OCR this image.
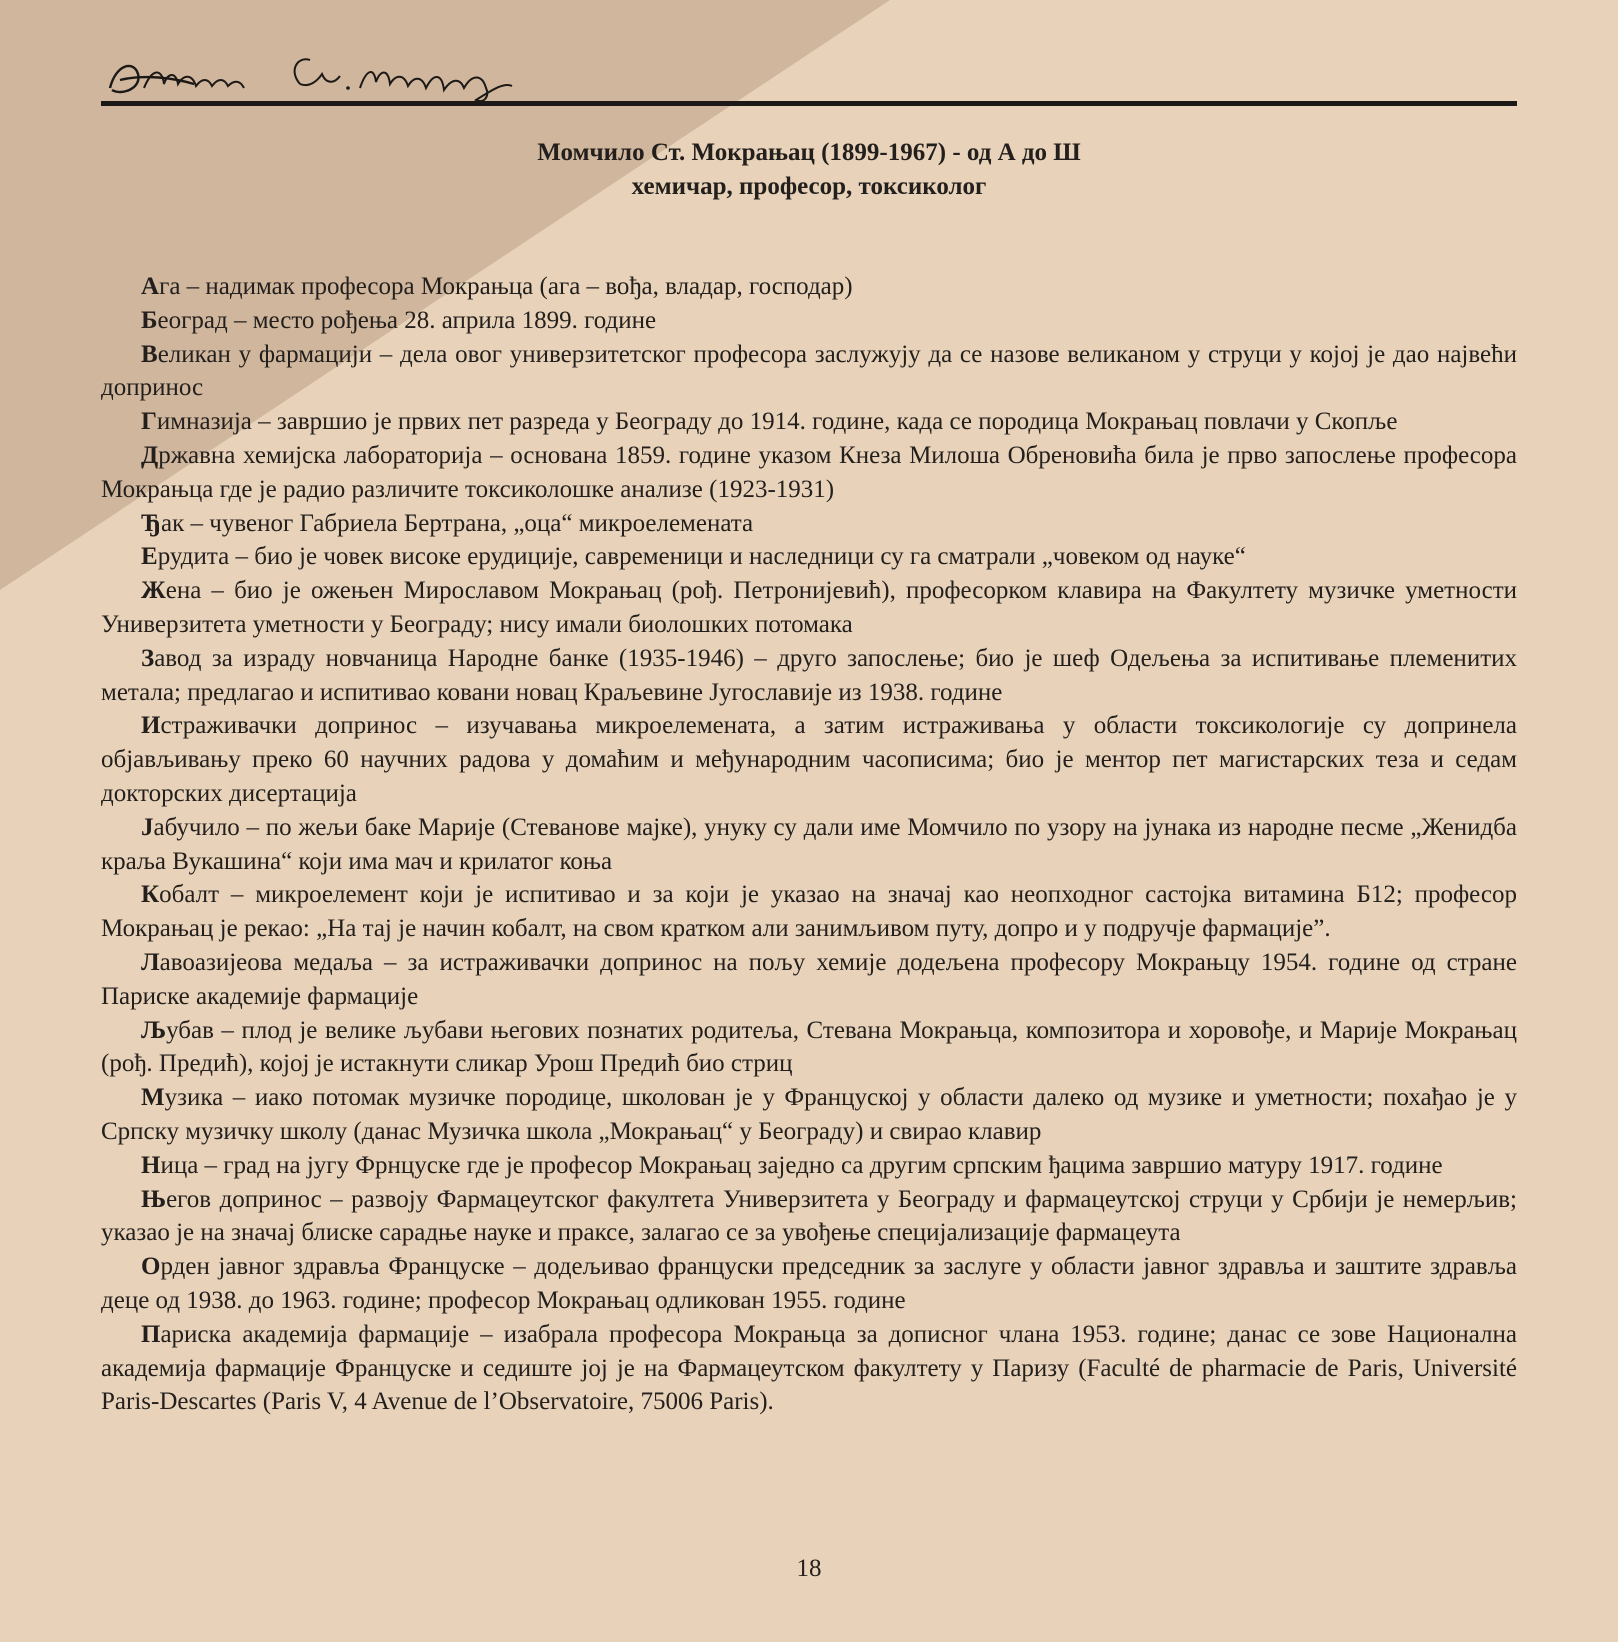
Момчило Ст. Мокрањац (1899-1967) - од А до Ш
хемичар, професор, токсиколог

Ага – надимак професора Мокрањца (ага – вођа, владар, господар)

Београд – место рођења 28. априла 1899. године

Великан у фармацији – дела овог универзитетског професора заслужују да се назове великаном у струци у којој је дао највећи допринос

Гимназија – завршио је првих пет разреда у Београду до 1914. године, када се породица Мокрањац повлачи у Скопље

Државна хемијска лабораторија – основана 1859. године указом Кнеза Милоша Обреновића била је прво запослење професора Мокрањца где је радио различите токсиколошке анализе (1923-1931)

Ђак – чувеног Габриела Бертрана, „оца“ микроелемената

Ерудита – био је човек високе ерудиције, савременици и наследници су га сматрали „човеком од науке“

Жена – био је ожењен Мирославом Мокрањац (рођ. Петронијевић), професорком клавира на Факултету музичке уметности Универзитета уметности у Београду; нису имали биолошких потомака

Завод за израду новчаница Народне банке (1935-1946) – друго запослење; био је шеф Одељења за испитивање племенитих метала; предлагао и испитивао ковани новац Краљевине Југославије из 1938. године

Истраживачки допринос – изучавања микроелемената, а затим истраживања у области токсикологије су допринела објављивању преко 60 научних радова у домаћим и међународним часописима; био је ментор пет магистарских теза и седам докторских дисертација

Јабучило – по жељи баке Марије (Стеванове мајке), унуку су дали име Момчило по узору на јунака из народне песме „Женидба краља Вукашина“ који има мач и крилатог коња

Кобалт – микроелемент који је испитивао и за који је указао на значај као неопходног састојка витамина Б12; професор Мокрањац је рекао: „На тај је начин кобалт, на свом кратком али занимљивом путу, допро и у подручје фармације”.

Лавоазијеова медаља – за истраживачки допринос на пољу хемије додељена професору Мокрањцу 1954. године од стране Париске академије фармације

Љубав – плод је велике љубави његових познатих родитеља, Стевана Мокрањца, композитора и хоровође, и Марије Мокрањац (рођ. Предић), којој је истакнути сликар Урош Предић био стриц

Музика – иако потомак музичке породице, школован је у Француској у области далеко од музике и уметности; похађао је у Српску музичку школу (данас Музичка школа „Мокрањац“ у Београду) и свирао клавир

Ница – град на југу Фрнцуске где је професор Мокрањац заједно са другим српским ђацима завршио матуру 1917. године

Његов допринос – развоју Фармацеутског факултета Универзитета у Београду и фармацеутској струци у Србији је немерљив; указао је на значај блиске сарадње науке и праксе, залагао се за увођење специјализације фармацеута

Орден јавног здравља Француске – додељивао француски председник за заслуге у области јавног здравља и заштите здравља деце од 1938. до 1963. године; професор Мокрањац одликован 1955. године

Париска академија фармације – изабрала професора Мокрањца за дописног члана 1953. године; данас се зове Национална академија фармације Француске и седиште јој је на Фармацеутском факултету у Паризу (Faculté de pharmacie de Paris, Université Paris-Descartes (Paris V, 4 Avenue de l’Observatoire, 75006 Paris).

18
